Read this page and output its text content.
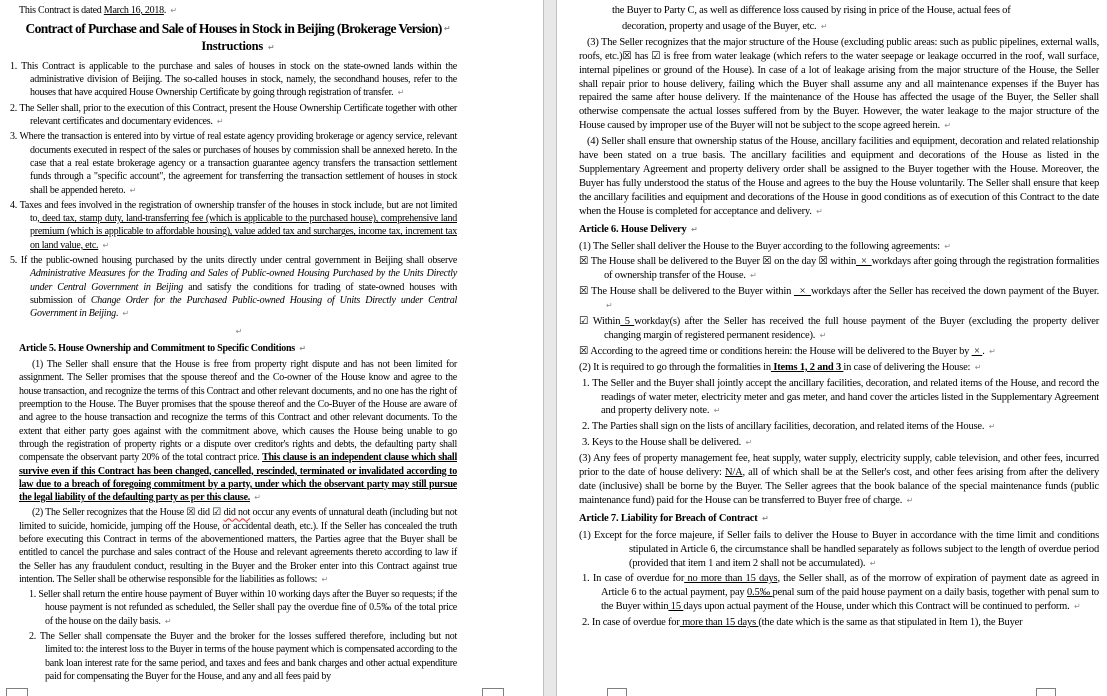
This Contract is dated March 16, 2018. ↵
Contract of Purchase and Sale of Houses in Stock in Beijing (Brokerage Version) ↵
Instructions ↵
1. This Contract is applicable to the purchase and sales of houses in stock on the state-owned lands within the administrative division of Beijing. The so-called houses in stock, namely, the secondhand houses, refer to the houses that have acquired House Ownership Certificate by going through registration of transfer. ↵
2. The Seller shall, prior to the execution of this Contract, present the House Ownership Certificate together with other relevant certificates and documentary evidences. ↵
3. Where the transaction is entered into by virtue of real estate agency providing brokerage or agency service, relevant documents executed in respect of the sales or purchases of houses by commission shall be annexed hereto. In the case that a real estate brokerage agency or a transaction guarantee agency transfers the transaction settlement funds through a "specific account", the agreement for transferring the transaction settlement of houses in stock shall be appended hereto. ↵
4. Taxes and fees involved in the registration of ownership transfer of the houses in stock include, but are not limited to, deed tax, stamp duty, land-transferring fee (which is applicable to the purchased house), comprehensive land premium (which is applicable to affordable housing), value added tax and surcharges, income tax, increment tax on land value, etc. ↵
5. If the public-owned housing purchased by the units directly under central government in Beijing shall observe Administrative Measures for the Trading and Sales of Public-owned Housing Purchased by the Units Directly under Central Government in Beijing and satisfy the conditions for trading of state-owned houses with submission of Change Order for the Purchased Public-owned Housing of Units Directly under Central Government in Beijing. ↵
↵
Article 5. House Ownership and Commitment to Specific Conditions ↵
(1) The Seller shall ensure that the House is free from property right dispute and has not been limited for assignment. The Seller promises that the spouse thereof and the Co-owner of the House know and agree to the house transaction, and recognize the terms of this Contract and other relevant documents, and no one has the right of preemption to the House. The Buyer promises that the spouse thereof and the Co-Buyer of the House are aware of and agree to the house transaction and recognize the terms of this Contract and other relevant documents. To the extent that either party goes against with the commitment above, which causes the House being unable to go through the registration of property rights or a dispute over creditor's rights and debts, the defaulting party shall compensate the observant party 20% of the total contract price. This clause is an independent clause which shall survive even if this Contract has been changed, cancelled, rescinded, terminated or invalidated according to law due to a breach of foregoing commitment by a party, under which the observant party may still pursue the legal liability of the defaulting party as per this clause. ↵
(2) The Seller recognizes that the House ☒ did ☑ did not occur any events of unnatural death (including but not limited to suicide, homicide, jumping off the House, or accidental death, etc.). If the Seller has concealed the truth before executing this Contract in terms of the abovementioned matters, the Parties agree that the Buyer shall be entitled to cancel the purchase and sales contract of the House and relevant agreements thereto according to law if the Seller has any fraudulent conduct, resulting in the Buyer and the Broker enter into this Contract against true intention. The Seller shall be otherwise responsible for the liabilities as follows: ↵
1. Seller shall return the entire house payment of Buyer within 10 working days after the Buyer so requests; if the house payment is not refunded as scheduled, the Seller shall pay the overdue fine of 0.5‰ of the total price of the house on the daily basis. ↵
2. The Seller shall compensate the Buyer and the broker for the losses suffered therefore, including but not limited to: the interest loss to the Buyer in terms of the house payment which is compensated according to the bank loan interest rate for the same period, and taxes and fees and bank charges and other actual expenditure paid for compensating the Buyer for the House, and any and all fees paid by
the Buyer to Party C, as well as difference loss caused by rising in price of the House, actual fees of
decoration, property and usage of the Buyer, etc. ↵
(3) The Seller recognizes that the major structure of the House (excluding public areas: such as public pipelines, external walls, roofs, etc.)☒ has ☑ is free from water leakage (which refers to the water seepage or leakage occurred in the roof, wall surface, internal pipelines or ground of the House). In case of a lot of leakage arising from the major structure of the House, the Seller shall repair prior to house delivery, failing which the Buyer shall assume any and all maintenance expenses if the Buyer has repaired the same after house delivery. If the maintenance of the House has affected the usage of the Buyer, the Seller shall otherwise compensate the actual losses suffered from by the Buyer. However, the water leakage to the major structure of the House caused by improper use of the Buyer will not be subject to the scope agreed herein. ↵
(4) Seller shall ensure that ownership status of the House, ancillary facilities and equipment, decoration and related relationship have been stated on a true basis. The ancillary facilities and equipment and decorations of the House as listed in the Supplementary Agreement and property delivery order shall be assigned to the Buyer together with the House. Moreover, the Buyer has fully understood the status of the House and agrees to the buy the House voluntarily. The Seller shall ensure that keep the ancillary facilities and equipment and decorations of the House in good conditions as of execution of this Contract to the date when the House is completed for acceptance and delivery. ↵
Article 6. House Delivery ↵
(1) The Seller shall deliver the House to the Buyer according to the following agreements: ↵
☒ The House shall be delivered to the Buyer ☒ on the day ☒ within  ×  workdays after going through the registration formalities of ownership transfer of the House. ↵
☒ The House shall be delivered to the Buyer within   ×  workdays after the Seller has received the down payment of the Buyer. ↵
☑ Within 5 workday(s) after the Seller has received the full house payment of the Buyer (excluding the property deliver changing margin of registered permanent residence). ↵
☒ According to the agreed time or conditions herein: the House will be delivered to the Buyer by  × . ↵
(2) It is required to go through the formalities in Items 1, 2 and 3 in case of delivering the House: ↵
1. The Seller and the Buyer shall jointly accept the ancillary facilities, decoration, and related items of the House, and record the readings of water meter, electricity meter and gas meter, and hand cover the articles listed in the Supplementary Agreement and property delivery note. ↵
2. The Parties shall sign on the lists of ancillary facilities, decoration, and related items of the House. ↵
3. Keys to the House shall be delivered. ↵
(3) Any fees of property management fee, heat supply, water supply, electricity supply, cable television, and other fees, incurred prior to the date of house delivery: N/A, all of which shall be at the Seller's cost, and other fees arising from after the delivery date (inclusive) shall be borne by the Buyer. The Seller agrees that the book balance of the special maintenance funds (public maintenance fund) paid for the House can be transferred to Buyer free of charge. ↵
Article 7. Liability for Breach of Contract ↵
(1) Except for the force majeure, if Seller fails to deliver the House to Buyer in accordance with the time limit and conditions stipulated in Article 6, the circumstance shall be handled separately as follows subject to the length of overdue period (provided that item 1 and item 2 shall not be accumulated). ↵
1. In case of overdue for no more than 15 days, the Seller shall, as of the morrow of expiration of payment date as agreed in Article 6 to the actual payment, pay 0.5‰ penal sum of the paid house payment on a daily basis, together with penal sum to the Buyer within 15 days upon actual payment of the House, under which this Contract will be continued to perform. ↵
2. In case of overdue for more than 15 days (the date which is the same as that stipulated in Item 1), the Buyer
